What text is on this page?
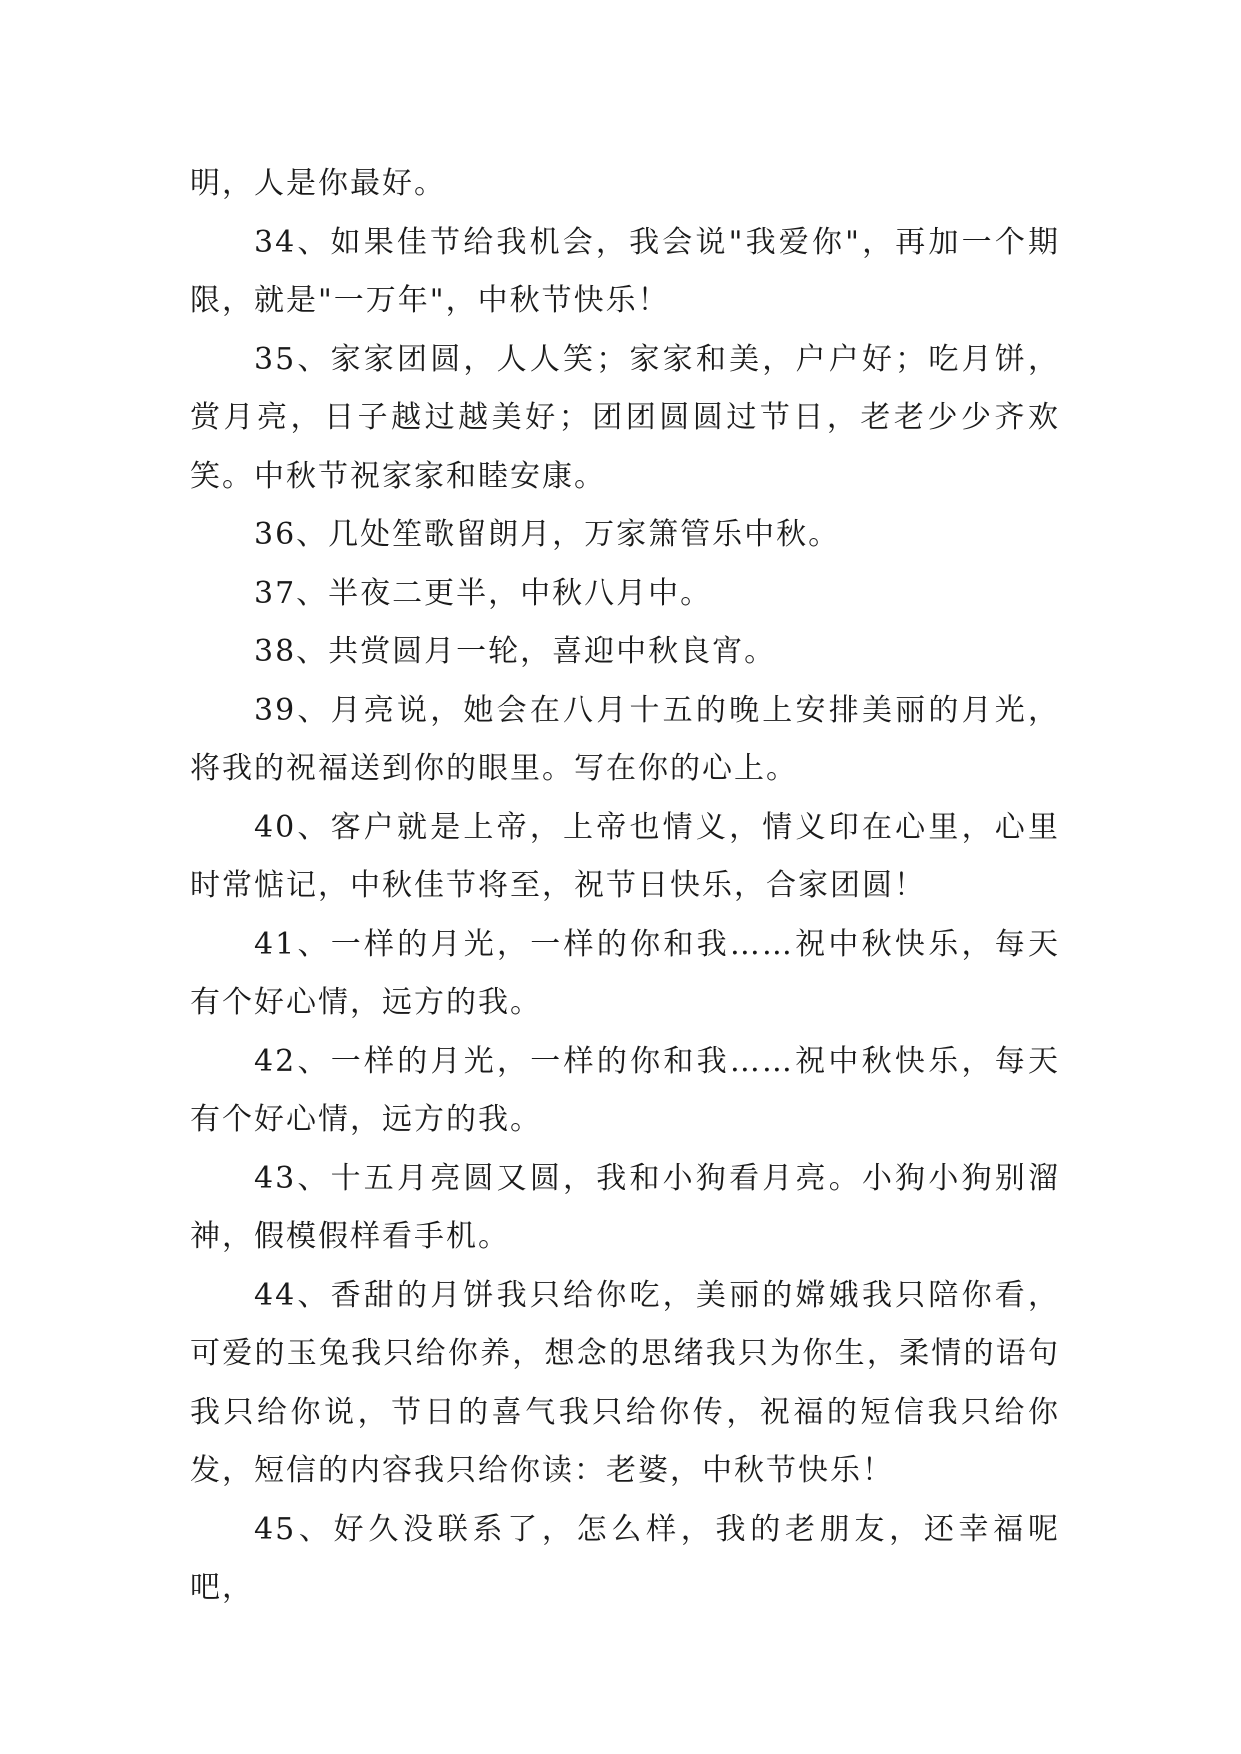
明，人是你最好。

34、如果佳节给我机会，我会说"我爱你"，再加一个期限，就是"一万年"，中秋节快乐！

35、家家团圆，人人笑；家家和美，户户好；吃月饼，赏月亮，日子越过越美好；团团圆圆过节日，老老少少齐欢笑。中秋节祝家家和睦安康。

36、几处笙歌留朗月，万家箫管乐中秋。

37、半夜二更半，中秋八月中。

38、共赏圆月一轮，喜迎中秋良宵。

39、月亮说，她会在八月十五的晚上安排美丽的月光，将我的祝福送到你的眼里。写在你的心上。

40、客户就是上帝，上帝也情义，情义印在心里，心里时常惦记，中秋佳节将至，祝节日快乐，合家团圆！

41、一样的月光，一样的你和我……祝中秋快乐，每天有个好心情，远方的我。

42、一样的月光，一样的你和我……祝中秋快乐，每天有个好心情，远方的我。

43、十五月亮圆又圆，我和小狗看月亮。小狗小狗别溜神，假模假样看手机。

44、香甜的月饼我只给你吃，美丽的嫦娥我只陪你看，可爱的玉兔我只给你养，想念的思绪我只为你生，柔情的语句我只给你说，节日的喜气我只给你传，祝福的短信我只给你发，短信的内容我只给你读：老婆，中秋节快乐！

45、好久没联系了，怎么样，我的老朋友，还幸福呢吧，
